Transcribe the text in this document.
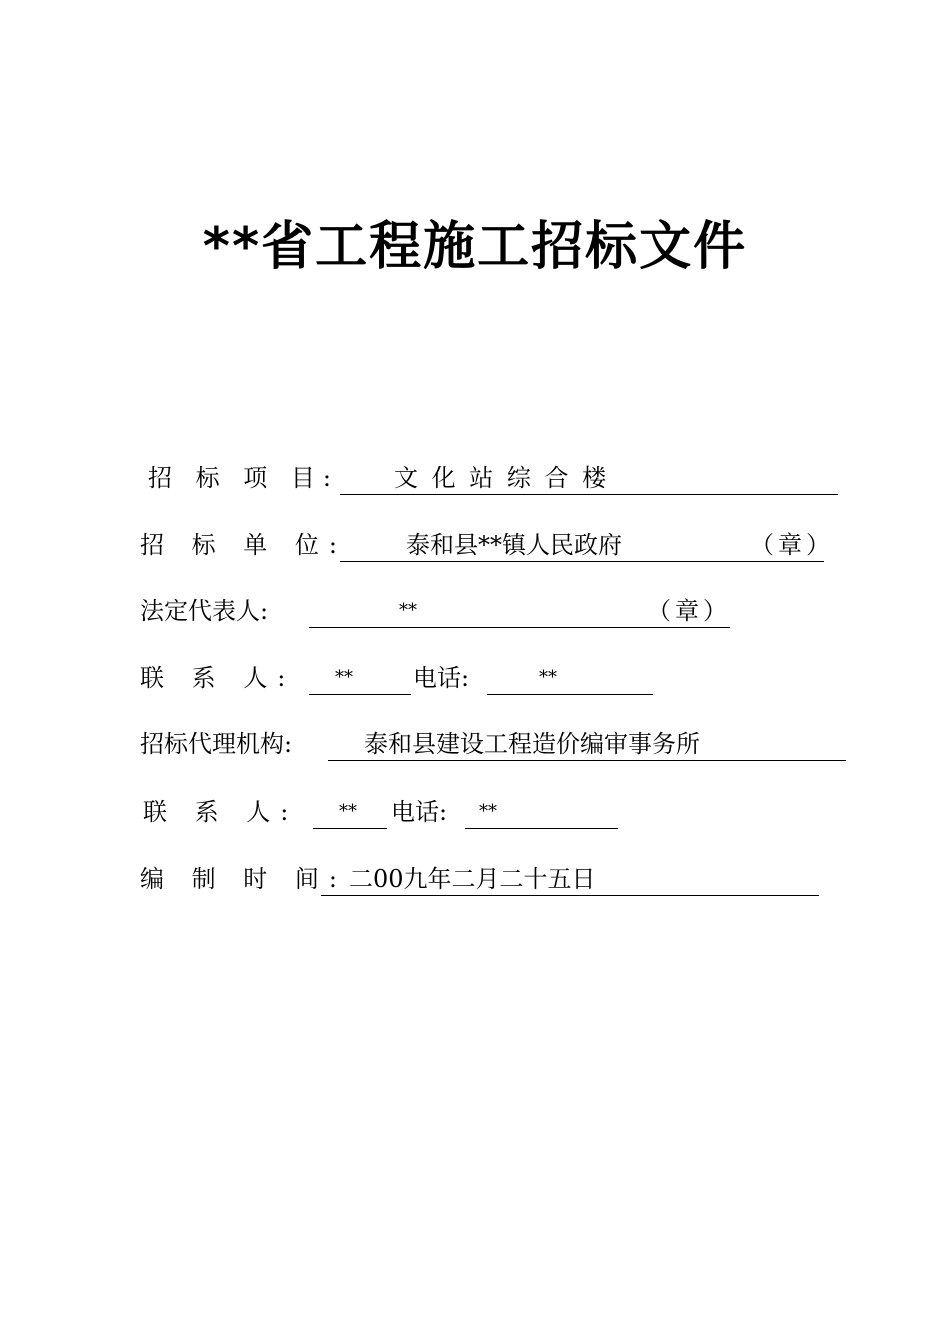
**省工程施工招标文件
招 标 项 目: 文 化 站 综 合 楼
招 标 单 位: 泰和县**镇人民政府	（章）
法定代表人:	**	（章）
联 系 人: **	电话:	**
招标代理机构:	泰和县建设工程造价编审事务所
联 系 人: ** 电话: **
编 制 时 间: 二00九年二月二十五日
